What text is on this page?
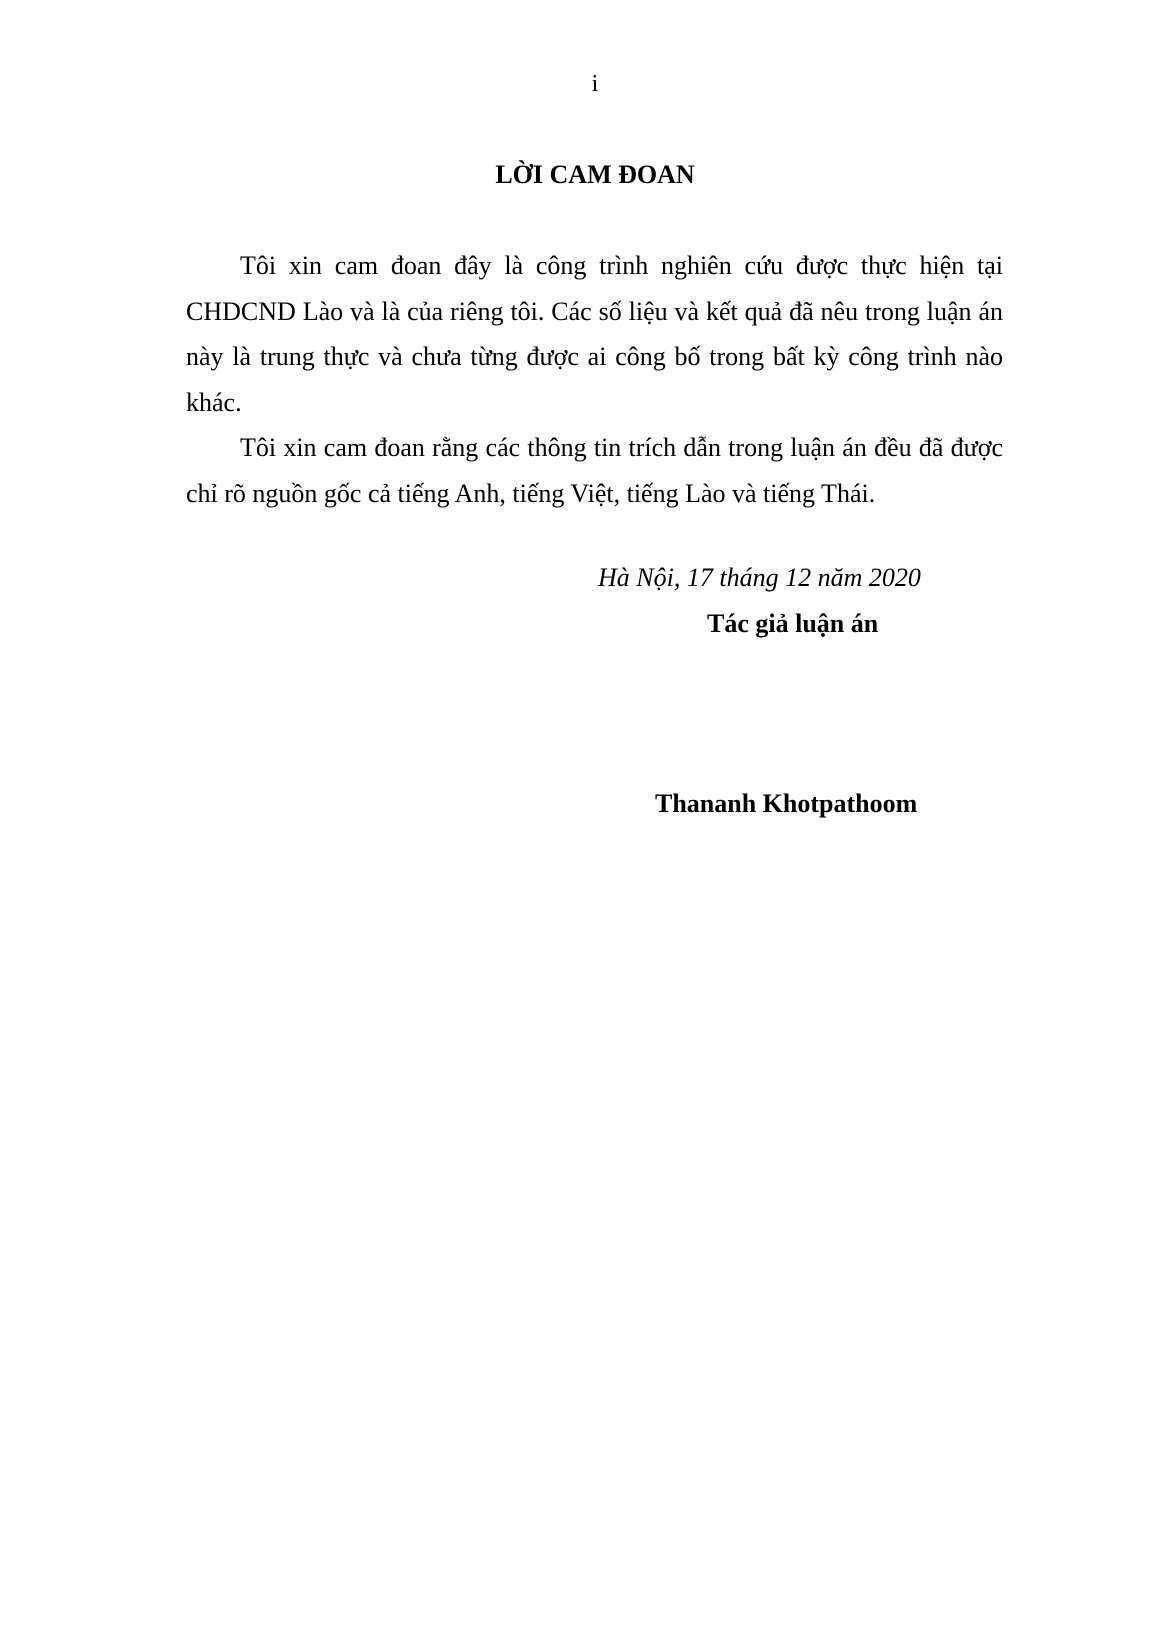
i
LỜI CAM ĐOAN

Tôi xin cam đoan đây là công trình nghiên cứu được thực hiện tại CHDCND Lào và là của riêng tôi. Các số liệu và kết quả đã nêu trong luận án này là trung thực và chưa từng được ai công bố trong bất kỳ công trình nào khác.

Tôi xin cam đoan rằng các thông tin trích dẫn trong luận án đều đã được chỉ rõ nguồn gốc cả tiếng Anh, tiếng Việt, tiếng Lào và tiếng Thái.

Hà Nội, 17 tháng 12 năm 2020
Tác giả luận án
Thananh Khotpathoom
